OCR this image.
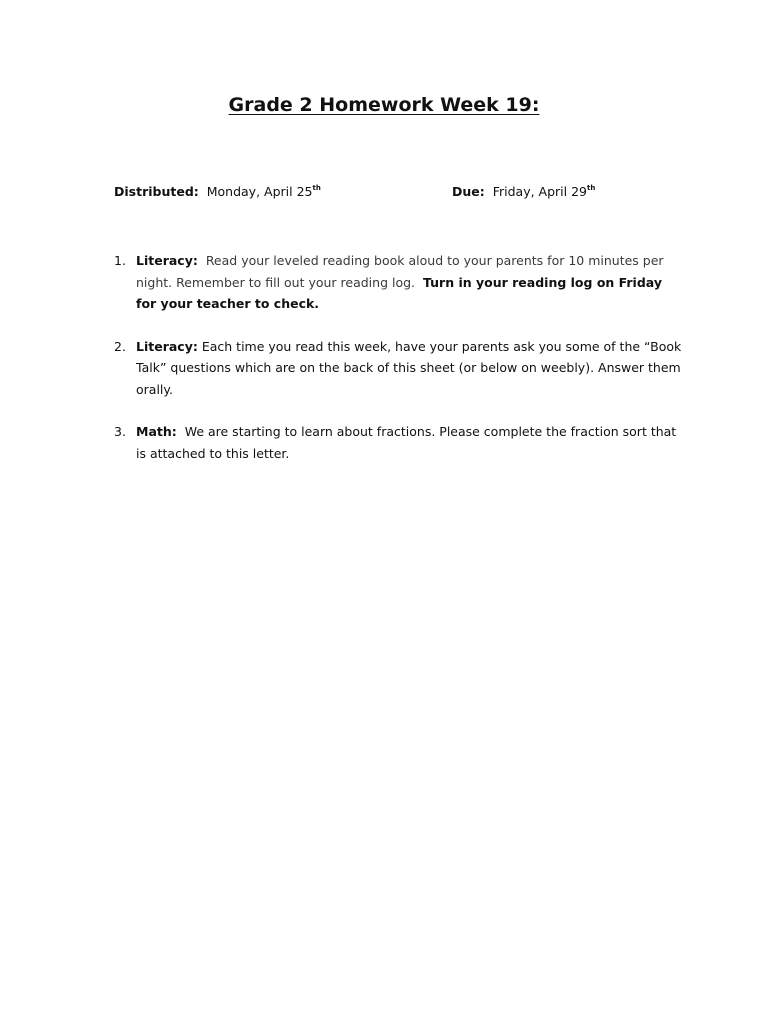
Grade 2 Homework Week 19:
Distributed: Monday, April 25th	Due: Friday, April 29th
1. Literacy: Read your leveled reading book aloud to your parents for 10 minutes per night. Remember to fill out your reading log. Turn in your reading log on Friday for your teacher to check.
2. Literacy: Each time you read this week, have your parents ask you some of the “Book Talk” questions which are on the back of this sheet (or below on weebly). Answer them orally.
3. Math: We are starting to learn about fractions. Please complete the fraction sort that is attached to this letter.
